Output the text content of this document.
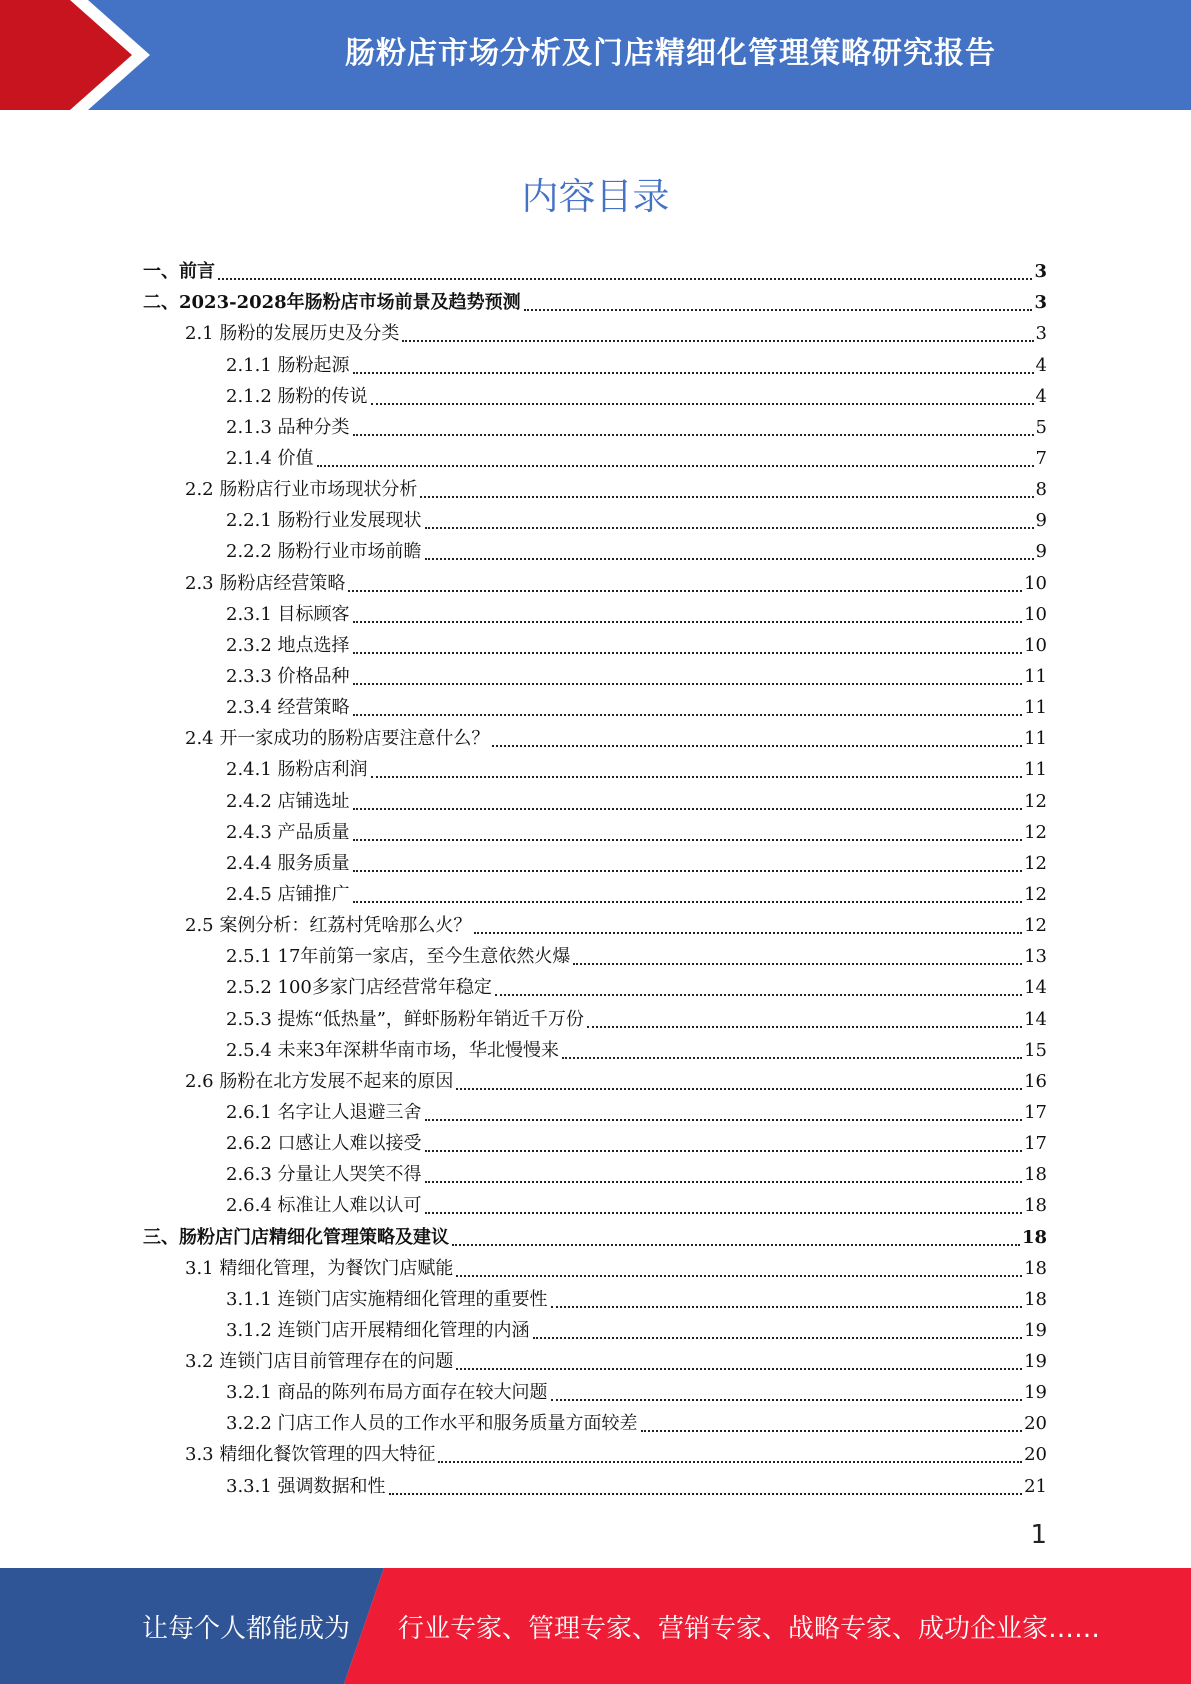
肠粉店市场分析及门店精细化管理策略研究报告
内容目录
一、前言	3
二、2023-2028年肠粉店市场前景及趋势预测	3
2.1 肠粉的发展历史及分类	3
2.1.1 肠粉起源	4
2.1.2 肠粉的传说	4
2.1.3 品种分类	5
2.1.4 价值	7
2.2 肠粉店行业市场现状分析	8
2.2.1 肠粉行业发展现状	9
2.2.2 肠粉行业市场前瞻	9
2.3 肠粉店经营策略	10
2.3.1 目标顾客	10
2.3.2 地点选择	10
2.3.3 价格品种	11
2.3.4 经营策略	11
2.4 开一家成功的肠粉店要注意什么？	11
2.4.1 肠粉店利润	11
2.4.2 店铺选址	12
2.4.3 产品质量	12
2.4.4 服务质量	12
2.4.5 店铺推广	12
2.5 案例分析：红荔村凭啥那么火？	12
2.5.1 17年前第一家店，至今生意依然火爆	13
2.5.2 100多家门店经营常年稳定	14
2.5.3 提炼“低热量”，鲜虾肠粉年销近千万份	14
2.5.4 未来3年深耕华南市场，华北慢慢来	15
2.6 肠粉在北方发展不起来的原因	16
2.6.1 名字让人退避三舍	17
2.6.2 口感让人难以接受	17
2.6.3 分量让人哭笑不得	18
2.6.4 标准让人难以认可	18
三、肠粉店门店精细化管理策略及建议	18
3.1 精细化管理，为餐饮门店赋能	18
3.1.1 连锁门店实施精细化管理的重要性	18
3.1.2 连锁门店开展精细化管理的内涵	19
3.2 连锁门店目前管理存在的问题	19
3.2.1 商品的陈列布局方面存在较大问题	19
3.2.2 门店工作人员的工作水平和服务质量方面较差	20
3.3 精细化餐饮管理的四大特征	20
3.3.1 强调数据和性	21
1
让每个人都能成为 行业专家、管理专家、营销专家、战略专家、成功企业家……
